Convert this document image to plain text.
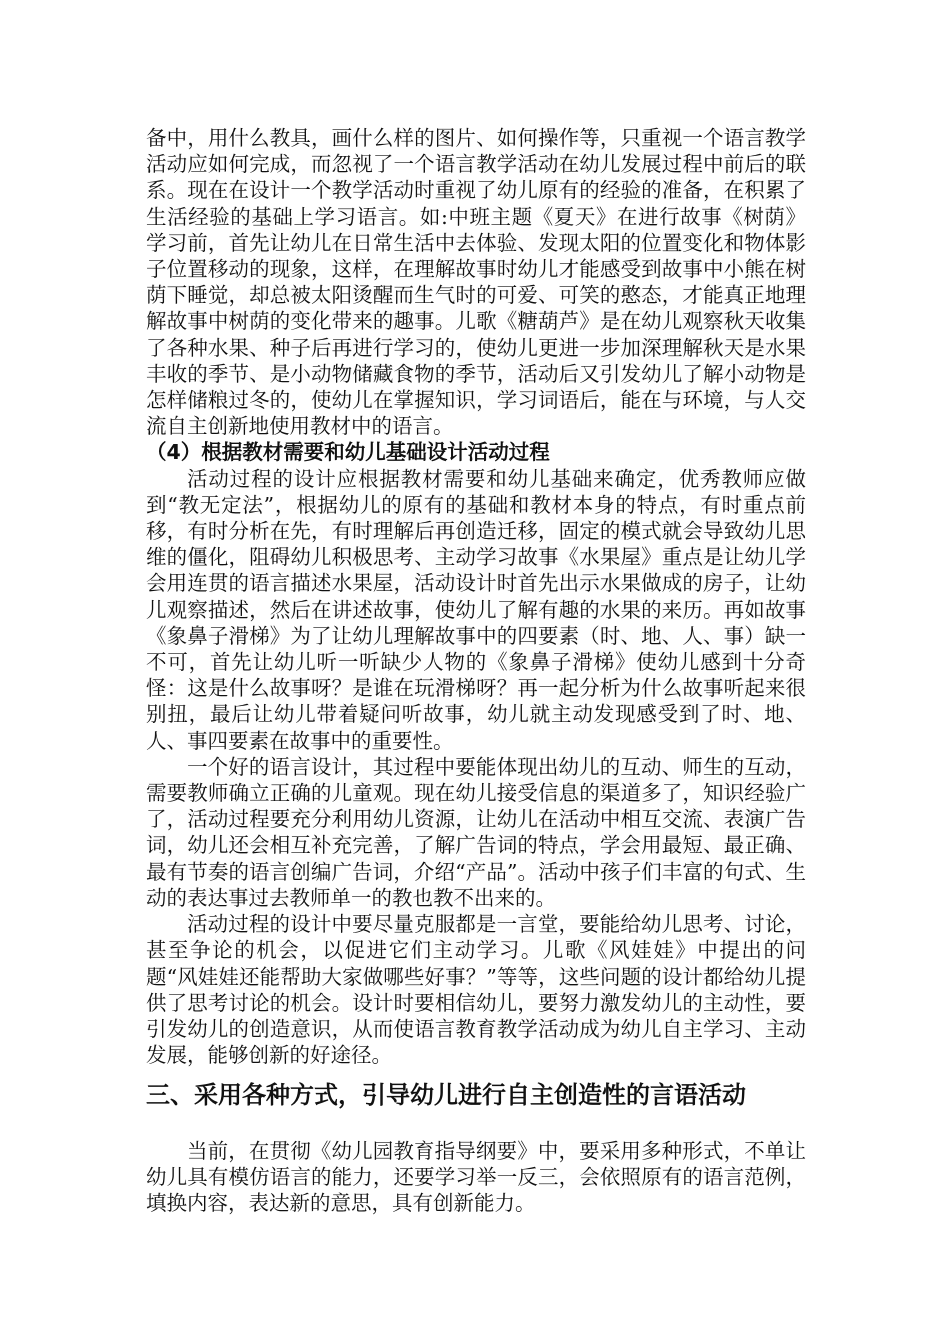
备中，用什么教具，画什么样的图片、如何操作等，只重视一个语言教学活动应如何完成，而忽视了一个语言教学活动在幼儿发展过程中前后的联系。现在在设计一个教学活动时重视了幼儿原有的经验的准备，在积累了生活经验的基础上学习语言。如:中班主题《夏天》在进行故事《树荫》学习前，首先让幼儿在日常生活中去体验、发现太阳的位置变化和物体影子位置移动的现象，这样，在理解故事时幼儿才能感受到故事中小熊在树荫下睡觉，却总被太阳烫醒而生气时的可爱、可笑的憨态，才能真正地理解故事中树荫的变化带来的趣事。儿歌《糖葫芦》是在幼儿观察秋天收集了各种水果、种子后再进行学习的，使幼儿更进一步加深理解秋天是水果丰收的季节、是小动物储藏食物的季节，活动后又引发幼儿了解小动物是怎样储粮过冬的，使幼儿在掌握知识，学习词语后，能在与环境，与人交流自主创新地使用教材中的语言。

（4）根据教材需要和幼儿基础设计活动过程

活动过程的设计应根据教材需要和幼儿基础来确定，优秀教师应做到“教无定法”，根据幼儿的原有的基础和教材本身的特点，有时重点前移，有时分析在先，有时理解后再创造迁移，固定的模式就会导致幼儿思维的僵化，阻碍幼儿积极思考、主动学习故事《水果屋》重点是让幼儿学会用连贯的语言描述水果屋，活动设计时首先出示水果做成的房子，让幼儿观察描述，然后在讲述故事，使幼儿了解有趣的水果的来历。再如故事《象鼻子滑梯》为了让幼儿理解故事中的四要素（时、地、人、事）缺一不可，首先让幼儿听一听缺少人物的《象鼻子滑梯》使幼儿感到十分奇怪：这是什么故事呀？是谁在玩滑梯呀？再一起分析为什么故事听起来很别扭，最后让幼儿带着疑问听故事，幼儿就主动发现感受到了时、地、人、事四要素在故事中的重要性。

一个好的语言设计，其过程中要能体现出幼儿的互动、师生的互动，需要教师确立正确的儿童观。现在幼儿接受信息的渠道多了，知识经验广了，活动过程要充分利用幼儿资源，让幼儿在活动中相互交流、表演广告词，幼儿还会相互补充完善，了解广告词的特点，学会用最短、最正确、最有节奏的语言创编广告词，介绍“产品”。活动中孩子们丰富的句式、生动的表达事过去教师单一的教也教不出来的。

活动过程的设计中要尽量克服都是一言堂，要能给幼儿思考、讨论，甚至争论的机会，以促进它们主动学习。儿歌《风娃娃》中提出的问题“风娃娃还能帮助大家做哪些好事？”等等，这些问题的设计都给幼儿提供了思考讨论的机会。设计时要相信幼儿，要努力激发幼儿的主动性，要引发幼儿的创造意识，从而使语言教育教学活动成为幼儿自主学习、主动发展，能够创新的好途径。

三、采用各种方式，引导幼儿进行自主创造性的言语活动

当前，在贯彻《幼儿园教育指导纲要》中，要采用多种形式，不单让幼儿具有模仿语言的能力，还要学习举一反三，会依照原有的语言范例，填换内容，表达新的意思，具有创新能力。
